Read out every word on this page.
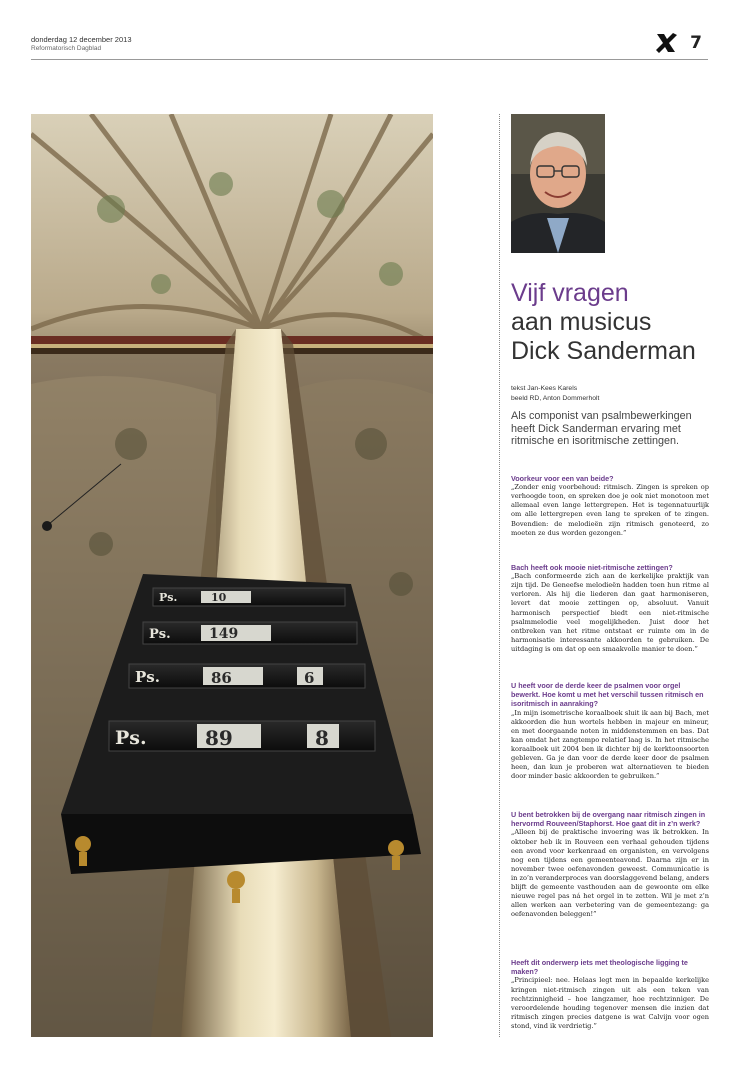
donderdag 12 december 2013
Reformatorisch Dagblad	7
Ps.
Ps.
Ps.
Ps.
10
149
86	6
89	8
Vijf vragen
aan musicus
Dick Sanderman
tekst Jan-Kees Karels
beeld RD, Anton Dommerholt
Als componist van psalmbewerkingen heeft Dick Sanderman ervaring met ritmische en isoritmische zettingen.

Voorkeur voor een van beide?

„Zonder enig voorbehoud: ritmisch. Zingen is spreken op verhoogde toon, en spreken doe je ook niet monotoon met allemaal even lange lettergrepen. Het is tegennatuurlijk om alle lettergrepen even lang te spreken of te zingen. Bovendien: de melodieën zijn ritmisch genoteerd, zo moeten ze dus worden gezongen.”

Bach heeft ook mooie niet-ritmische zettingen?

„Bach conformeerde zich aan de kerkelijke praktijk van zijn tijd. De Geneefse melodieën hadden toen hun ritme al verloren. Als hij die liederen dan gaat harmoniseren, levert dat mooie zettingen op, absoluut. Vanuit harmonisch perspectief biedt een niet-ritmische psalmmelodie veel mogelijkheden. Juist door het ontbreken van het ritme ontstaat er ruimte om in de harmonisatie interessante akkoorden te gebruiken. De uitdaging is om dat op een smaakvolle manier te doen.”

U heeft voor de derde keer de psalmen voor orgel bewerkt. Hoe komt u met het verschil tussen ritmisch en isoritmisch in aanraking?

„In mijn isometrische koraalboek sluit ik aan bij Bach, met akkoorden die hun wortels hebben in majeur en mineur, en met doorgaande noten in middenstemmen en bas. Dat kan omdat het zangtempo relatief laag is. In het ritmische koraalboek uit 2004 ben ik dichter bij de kerktoonsoorten gebleven. Ga je dan voor de derde keer door de psalmen heen, dan kun je proberen wat alternatieven te bieden door minder basic akkoorden te gebruiken.”

U bent betrokken bij de overgang naar ritmisch zingen in hervormd Rouveen/Staphorst. Hoe gaat dit in z’n werk?

„Alleen bij de praktische invoering was ik betrokken. In oktober heb ik in Rouveen een verhaal gehouden tijdens een avond voor kerkenraad en organisten, en vervolgens nog een tijdens een gemeenteavond. Daarna zijn er in november twee oefenavonden geweest. Communicatie is in zo’n veranderproces van doorslaggevend belang, anders blijft de gemeente vasthouden aan de gewoonte om elke nieuwe regel pas ná het orgel in te zetten. Wil je met z’n allen werken aan verbetering van de gemeentezang: ga oefenavonden beleggen!”

Heeft dit onderwerp iets met theologische ligging te maken?

„Principieel: nee. Helaas legt men in bepaalde kerkelijke kringen niet-ritmisch zingen uit als een teken van rechtzinnigheid – hoe langzamer, hoe rechtzinniger. De veroordelende houding tegenover mensen die inzien dat ritmisch zingen precies datgene is wat Calvijn voor ogen stond, vind ik verdrietig.”
